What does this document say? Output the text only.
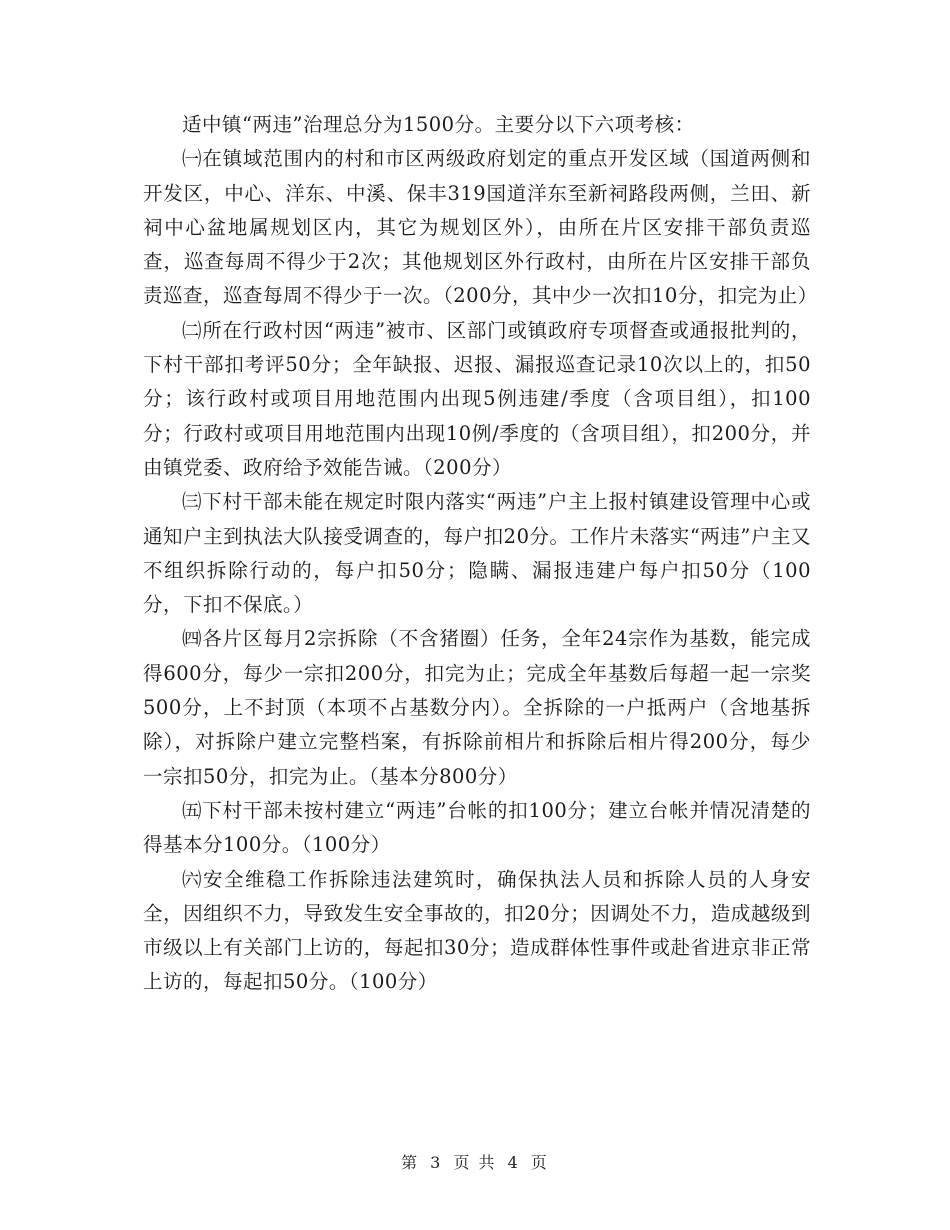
适中镇“两违”治理总分为1500分。主要分以下六项考核：

㈠在镇域范围内的村和市区两级政府划定的重点开发区域（国道两侧和开发区，中心、洋东、中溪、保丰319国道洋东至新祠路段两侧，兰田、新祠中心盆地属规划区内，其它为规划区外），由所在片区安排干部负责巡查，巡查每周不得少于2次；其他规划区外行政村，由所在片区安排干部负责巡查，巡查每周不得少于一次。（200分，其中少一次扣10分，扣完为止）

㈡所在行政村因“两违”被市、区部门或镇政府专项督查或通报批判的，下村干部扣考评50分；全年缺报、迟报、漏报巡查记录10次以上的，扣50分；该行政村或项目用地范围内出现5例违建/季度（含项目组），扣100分；行政村或项目用地范围内出现10例/季度的（含项目组），扣200分，并由镇党委、政府给予效能告诫。（200分）

㈢下村干部未能在规定时限内落实“两违”户主上报村镇建设管理中心或通知户主到执法大队接受调查的，每户扣20分。工作片未落实“两违”户主又不组织拆除行动的，每户扣50分；隐瞒、漏报违建户每户扣50分（100分，下扣不保底。）

㈣各片区每月2宗拆除（不含猪圈）任务，全年24宗作为基数，能完成得600分，每少一宗扣200分，扣完为止；完成全年基数后每超一起一宗奖500分，上不封顶（本项不占基数分内）。全拆除的一户抵两户（含地基拆除），对拆除户建立完整档案，有拆除前相片和拆除后相片得200分，每少一宗扣50分，扣完为止。（基本分800分）

㈤下村干部未按村建立“两违”台帐的扣100分；建立台帐并情况清楚的得基本分100分。（100分）

㈥安全维稳工作拆除违法建筑时，确保执法人员和拆除人员的人身安全，因组织不力，导致发生安全事故的，扣20分；因调处不力，造成越级到市级以上有关部门上访的，每起扣30分；造成群体性事件或赴省进京非正常上访的，每起扣50分。（100分）

第 3 页 共 4 页
